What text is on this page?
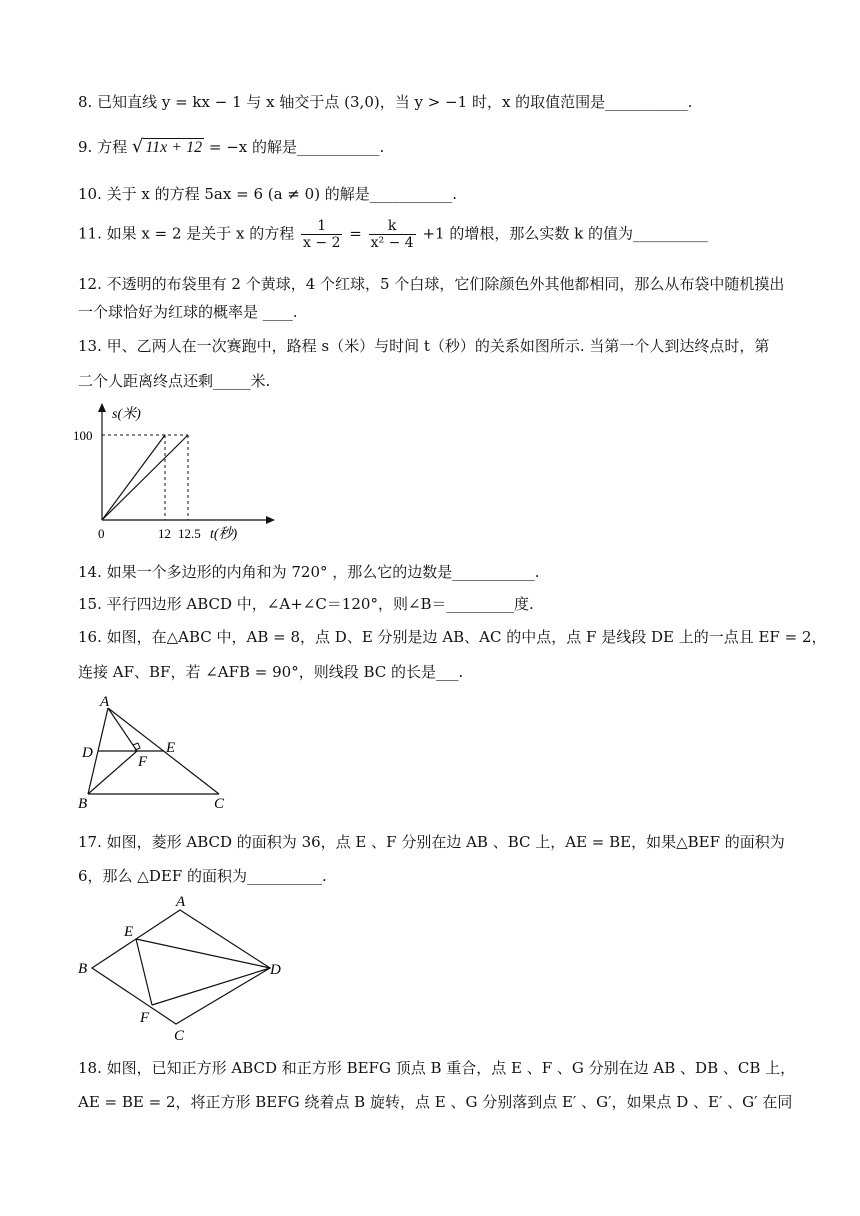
8. 已知直线 y = kx − 1 与 x 轴交于点 (3,0)，当 y > −1 时，x 的取值范围是___________.
9. 方程 √ 11x + 12 = −x 的解是___________.
10. 关于 x 的方程 5ax = 6 (a ≠ 0) 的解是___________.
11. 如果 x = 2 是关于 x 的方程 $\frac{1}{x - 2} = \frac{k}{\text{x² − 4}} +1$ 的增根，那么实数 k 的值为__________
12. 不透明的布袋里有 2 个黄球，4 个红球，5 个白球，它们除颜色外其他都相同，那么从布袋中随机摸出
一个球恰好为红球的概率是 ____.
13. 甲、乙两人在一次赛跑中，路程 s（米）与时间 t（秒）的关系如图所示. 当第一个人到达终点时，第
二个人距离终点还剩_____米.
s(米)
100
0	12 12.5 t(秒)
14. 如果一个多边形的内角和为 720° ，那么它的边数是___________.
15. 平行四边形 ABCD 中，∠A+∠C＝120°，则∠B＝_________度.
16. 如图，在△ABC 中，AB = 8，点 D、E 分别是边 AB、AC 的中点，点 F 是线段 DE 上的一点且 EF = 2，
连接 AF、BF，若 ∠AFB = 90°，则线段 BC 的长是___.
A
D	E
F
B	C
17. 如图，菱形 ABCD 的面积为 36，点 E 、F 分别在边 AB 、BC 上，AE = BE，如果△BEF 的面积为
6，那么 △DEF 的面积为__________.
A
E
B	D
F
C
18. 如图，已知正方形 ABCD 和正方形 BEFG 顶点 B 重合，点 E 、F 、G 分别在边 AB 、DB 、CB 上，
AE = BE = 2，将正方形 BEFG 绕着点 B 旋转，点 E 、G 分别落到点 E′ 、G′，如果点 D 、E′ 、G′ 在同
